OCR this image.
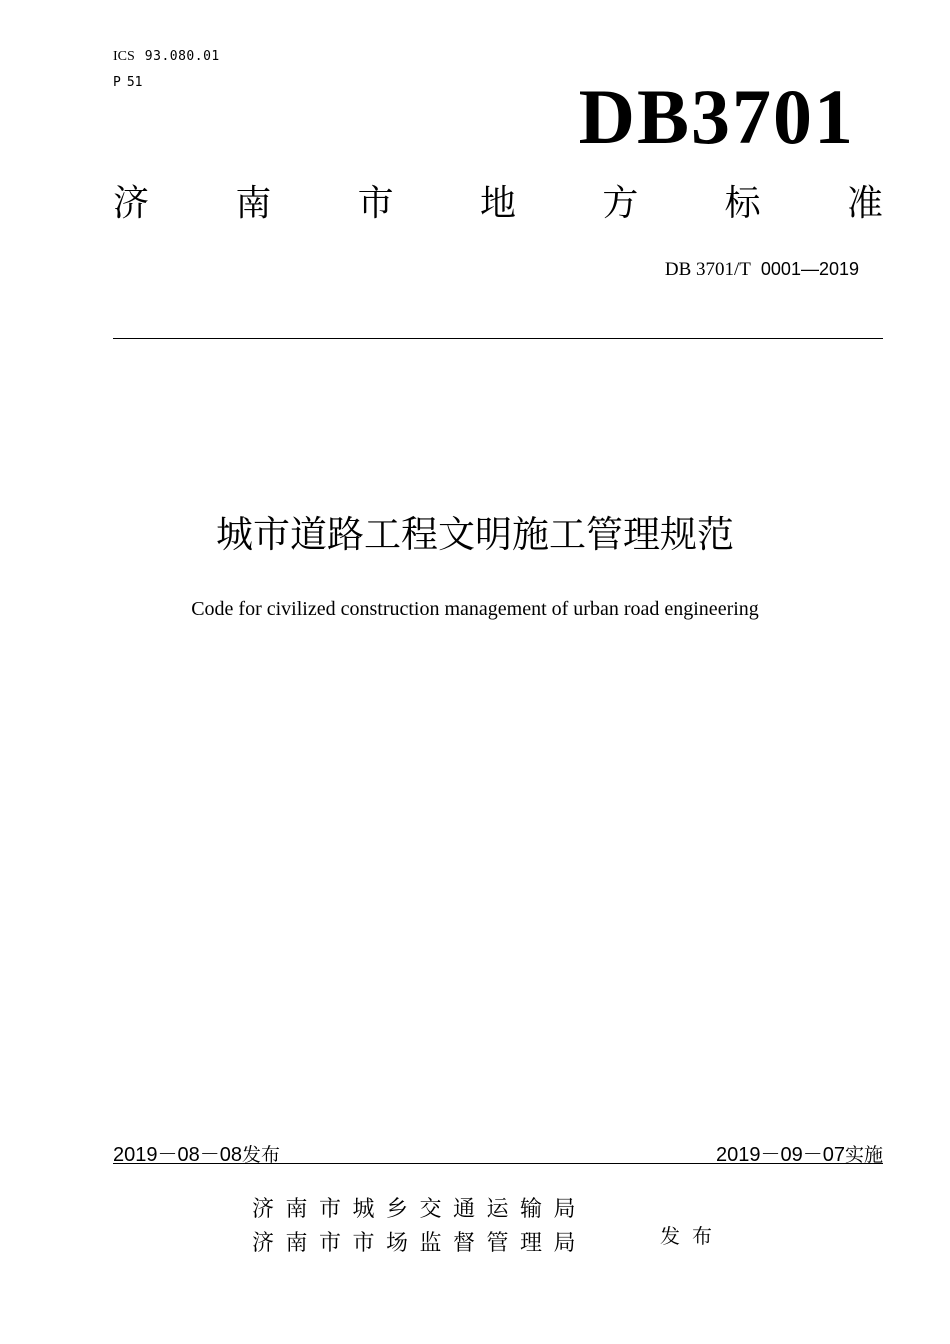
ICS 93.080.01
P 51	DB3701
济 南 市 地 方 标 准
DB 3701/T 0001—2019
城市道路工程文明施工管理规范
Code for civilized construction management of urban road engineering
2019－08－08发布	2019－09－07实施
济南市城乡交通运输局
济南市市场监督管理局	发布
